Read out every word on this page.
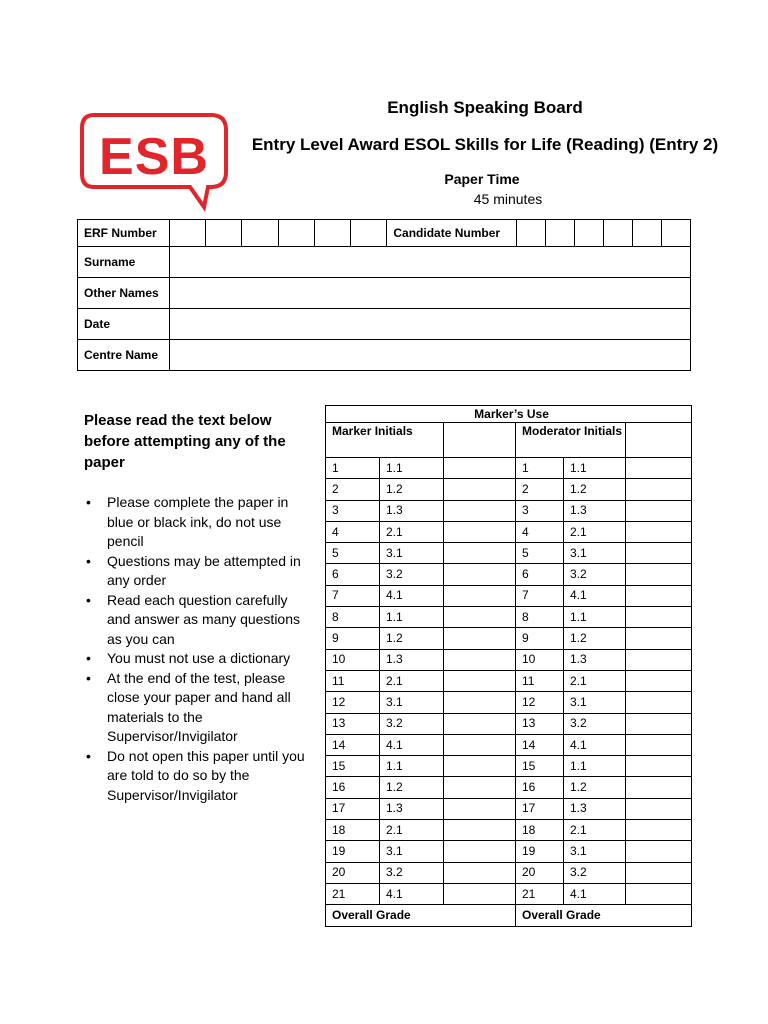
ESB
English Speaking Board
Entry Level Award ESOL Skills for Life (Reading) (Entry 2)
Paper Time
45 minutes
ERF Number							Candidate Number						
Surname													
Other Names													
Date													
Centre Name													
Please read the text below before attempting any of the paper
• Please complete the paper in blue or black ink, do not use pencil
• Questions may be attempted in any order
• Read each question carefully and answer as many questions as you can
• You must not use a dictionary
• At the end of the test, please close your paper and hand all materials to the Supervisor/Invigilator
• Do not open this paper until you are told to do so by the Supervisor/Invigilator
Marker’s Use					
Marker Initials			Moderator Initials		
1	1.1		1	1.1	
2	1.2		2	1.2	
3	1.3		3	1.3	
4	2.1		4	2.1	
5	3.1		5	3.1	
6	3.2		6	3.2	
7	4.1		7	4.1	
8	1.1		8	1.1	
9	1.2		9	1.2	
10	1.3		10	1.3	
11	2.1		11	2.1	
12	3.1		12	3.1	
13	3.2		13	3.2	
14	4.1		14	4.1	
15	1.1		15	1.1	
16	1.2		16	1.2	
17	1.3		17	1.3	
18	2.1		18	2.1	
19	3.1		19	3.1	
20	3.2		20	3.2	
21	4.1		21	4.1	
Overall Grade			Overall Grade		
